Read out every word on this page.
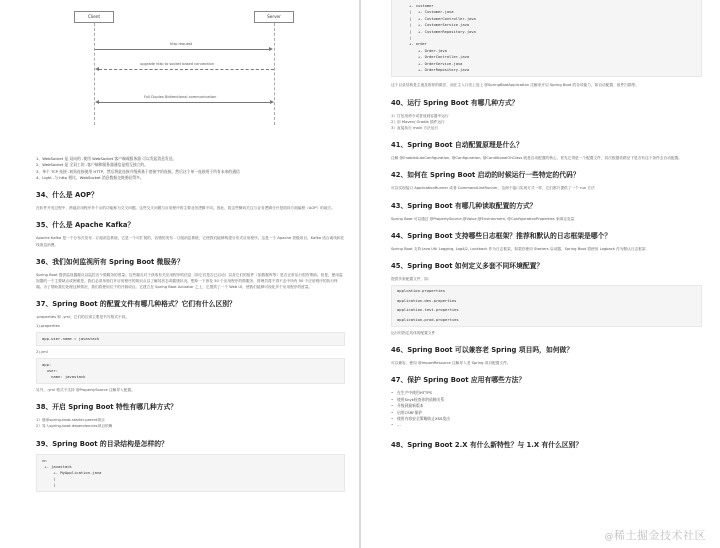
Client	Server
http request
upgrade http to socket based connection
Full Duplex Bidirectional communication
1、WebSocket 是 双向的 -使用 WebSocket 客户端或服务器 可以发起消息发送。
2、WebSocket 是 全双工的 -客户端和服务器通信是相互独立的。
3、单个 TCP 连接 -初始连接使用 HTTP，然后将此连接升级到基于套接字的连接。然后这个单一连接用于所有未来的通信
4、Light -与 http 相比，WebSocket 消息数据交换要轻得多。
34、什么是 AOP？

在软件开发过程中，跨越应用程序多个点的功能称为交叉问题。这些交叉问题与应用程序的主要业务逻辑不同。因此，将这些横切关注与业务逻辑分开是面向方面编程（AOP）的地方。

35、什么是 Apache Kafka？

Apache Kafka 是一个分布式发布 - 订阅消息系统。它是一个可扩展的，容错的发布 - 订阅消息系统，它使我们能够构建分布式应用程序。这是一个 Apache 顶级项目。Kafka 适合离线和在线消息消费。

36、我们如何监视所有 Spring Boot 微服务？

Spring Boot 提供监视器端点以监控各个微服务的度量。这些端点对于获取有关应用程序的信息（如它们是否已启动）以及它们的组件（如数据库等）是否正常运行很有帮助。但是，使用监视器的一个主要缺点或困难是，我们必须单独打开应用程序的知识点以了解其状态或健康状况。想象一下涉及 50 个应用程序的微服务，管理员将不得不击中所有 50 个应用程序的执行终端。为了帮助我们处理这种情况，我们将使用位于的开源项目。它建立在 Spring Boot Actuator 之上，它提供了一个 Web UI，使我们能够可视化多个应用程序的度量。

37、Spring Boot 的配置文件有哪几种格式？它们有什么区别？

.properties 和 .yml，它们的区别主要是书写格式不同。

1).properties

app.user.name = javastack

2).yml

app:
user:
name: javastack

另外，.yml 格式不支持 @PropertySource 注解导入配置。

38、开启 Spring Boot 特性有哪几种方式？

1）继承spring-boot-starter-parent项目

2）导入spring-boot-dependencies项目依赖

39、Spring Boot 的目录结构是怎样的？
cn
+- javastack
+- MyApplication.java
|
|
+- customer
|   +- Customer.java
|   +- CustomerController.java
|   +- CustomerService.java
|   +- CustomerRepository.java
|
+- order
+- Order.java
+- OrderController.java
+- OrderService.java
+- OrderRepository.java

这个目录结构是主流及推荐的做法，而在主入口类上加上 @SpringBootApplication 注解来开启 Spring Boot 的各项能力，如自动配置、组件扫描等。

40、运行 Spring Boot 有哪几种方式？

1）打包用命令或者放到容器中运行

2）用 Maven/ Gradle 插件运行

3）直接执行 main 方法运行

41、Spring Boot 自动配置原理是什么？

注解 @EnableAutoConfiguration, @Configuration, @ConditionalOnClass 就是自动配置的核心，首先它得是一个配置文件，其次根据类路径下是否有这个条件去自动配置。

42、如何在 Spring Boot 启动的时候运行一些特定的代码？

可以实现接口 ApplicationRunner 或者 CommandLineRunner，这两个接口实现方式一样，它们都只提供了一个 run 方法

43、Spring Boot 有哪几种读取配置的方式？

Spring Boot 可以通过 @PropertySource,@Value,@Environment, @ConfigurationProperties 来绑定变量

44、Spring Boot 支持哪些日志框架？推荐和默认的日志框架是哪个？

Spring Boot 支持 Java Util Logging, Log4j2, Lockback 作为日志框架，如果你使用 Starters 启动器，Spring Boot 将使用 Logback 作为默认日志框架

45、Spring Boot 如何定义多套不同环境配置？

提供多套配置文件，如：

applcation.properties

application-dev.properties

application-test.properties

application-prod.properties

运行时指定具体的配置文件

46、Spring Boot 可以兼容老 Spring 项目吗，如何做？

可以兼容，使用 @ImportResource 注解导入老 Spring 项目配置文件。

47、保护 Spring Boot 应用有哪些方法？
• 在生产中使用HTTPS
• 使用Snyk检查你的依赖关系
• 升级到最新版本
• 启用CSRF保护
• 使用内容安全策略防止XSS攻击
• …
48、Spring Boot 2.X 有什么新特性？与 1.X 有什么区别？
@稀土掘金技术社区
